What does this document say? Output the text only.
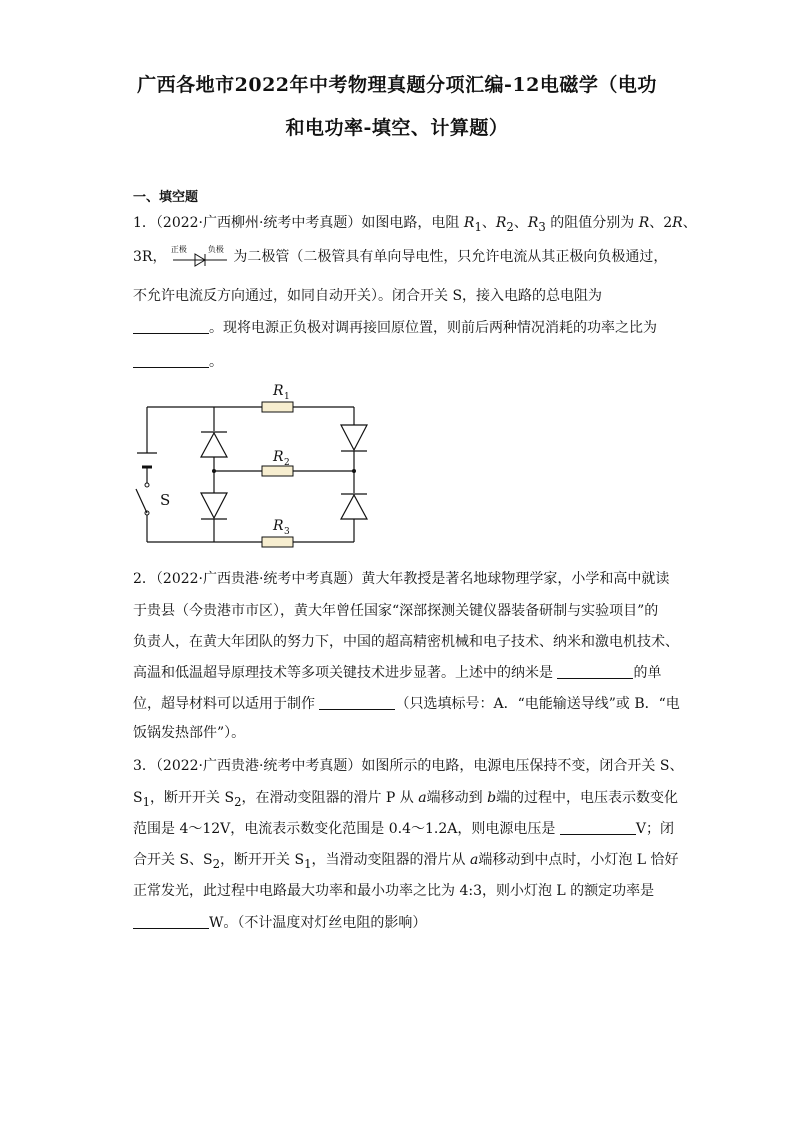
广西各地市2022年中考物理真题分项汇编-12电磁学（电功
和电功率-填空、计算题）
一、填空题
1．（2022·广西柳州·统考中考真题）如图电路，电阻 $R_1$、$R_2$、$R_3$ 的阻值分别为 R、2R、
3R， 正极	负极 为二极管（二极管具有单向导电性，只允许电流从其正极向负极通过，
不允许电流反方向通过，如同自动开关）。闭合开关 S，接入电路的总电阻为
。现将电源正负极对调再接回原位置，则前后两种情况消耗的功率之比为
。
S
R 1
R 2
R 3
2．（2022·广西贵港·统考中考真题）黄大年教授是著名地球物理学家，小学和高中就读
于贵县（今贵港市市区），黄大年曾任国家“深部探测关键仪器装备研制与实验项目”的
负责人，在黄大年团队的努力下，中国的超高精密机械和电子技术、纳米和激电机技术、
高温和低温超导原理技术等多项关键技术进步显著。上述中的纳米是	的单
位，超导材料可以适用于制作	（只选填标号：A．“电能输送导线”或 B．“电
饭锅发热部件”）。
3．（2022·广西贵港·统考中考真题）如图所示的电路，电源电压保持不变，闭合开关 S、
$S_1$，断开开关 $S_2$，在滑动变阻器的滑片 P 从 a端移动到 b端的过程中，电压表示数变化
范围是 4～12V，电流表示数变化范围是 0.4～1.2A，则电源电压是	V；闭
合开关 S、$S_2$，断开开关 $S_1$，当滑动变阻器的滑片从 a端移动到中点时，小灯泡 L 恰好
正常发光，此过程中电路最大功率和最小功率之比为 4:3，则小灯泡 L 的额定功率是
W。（不计温度对灯丝电阻的影响）
